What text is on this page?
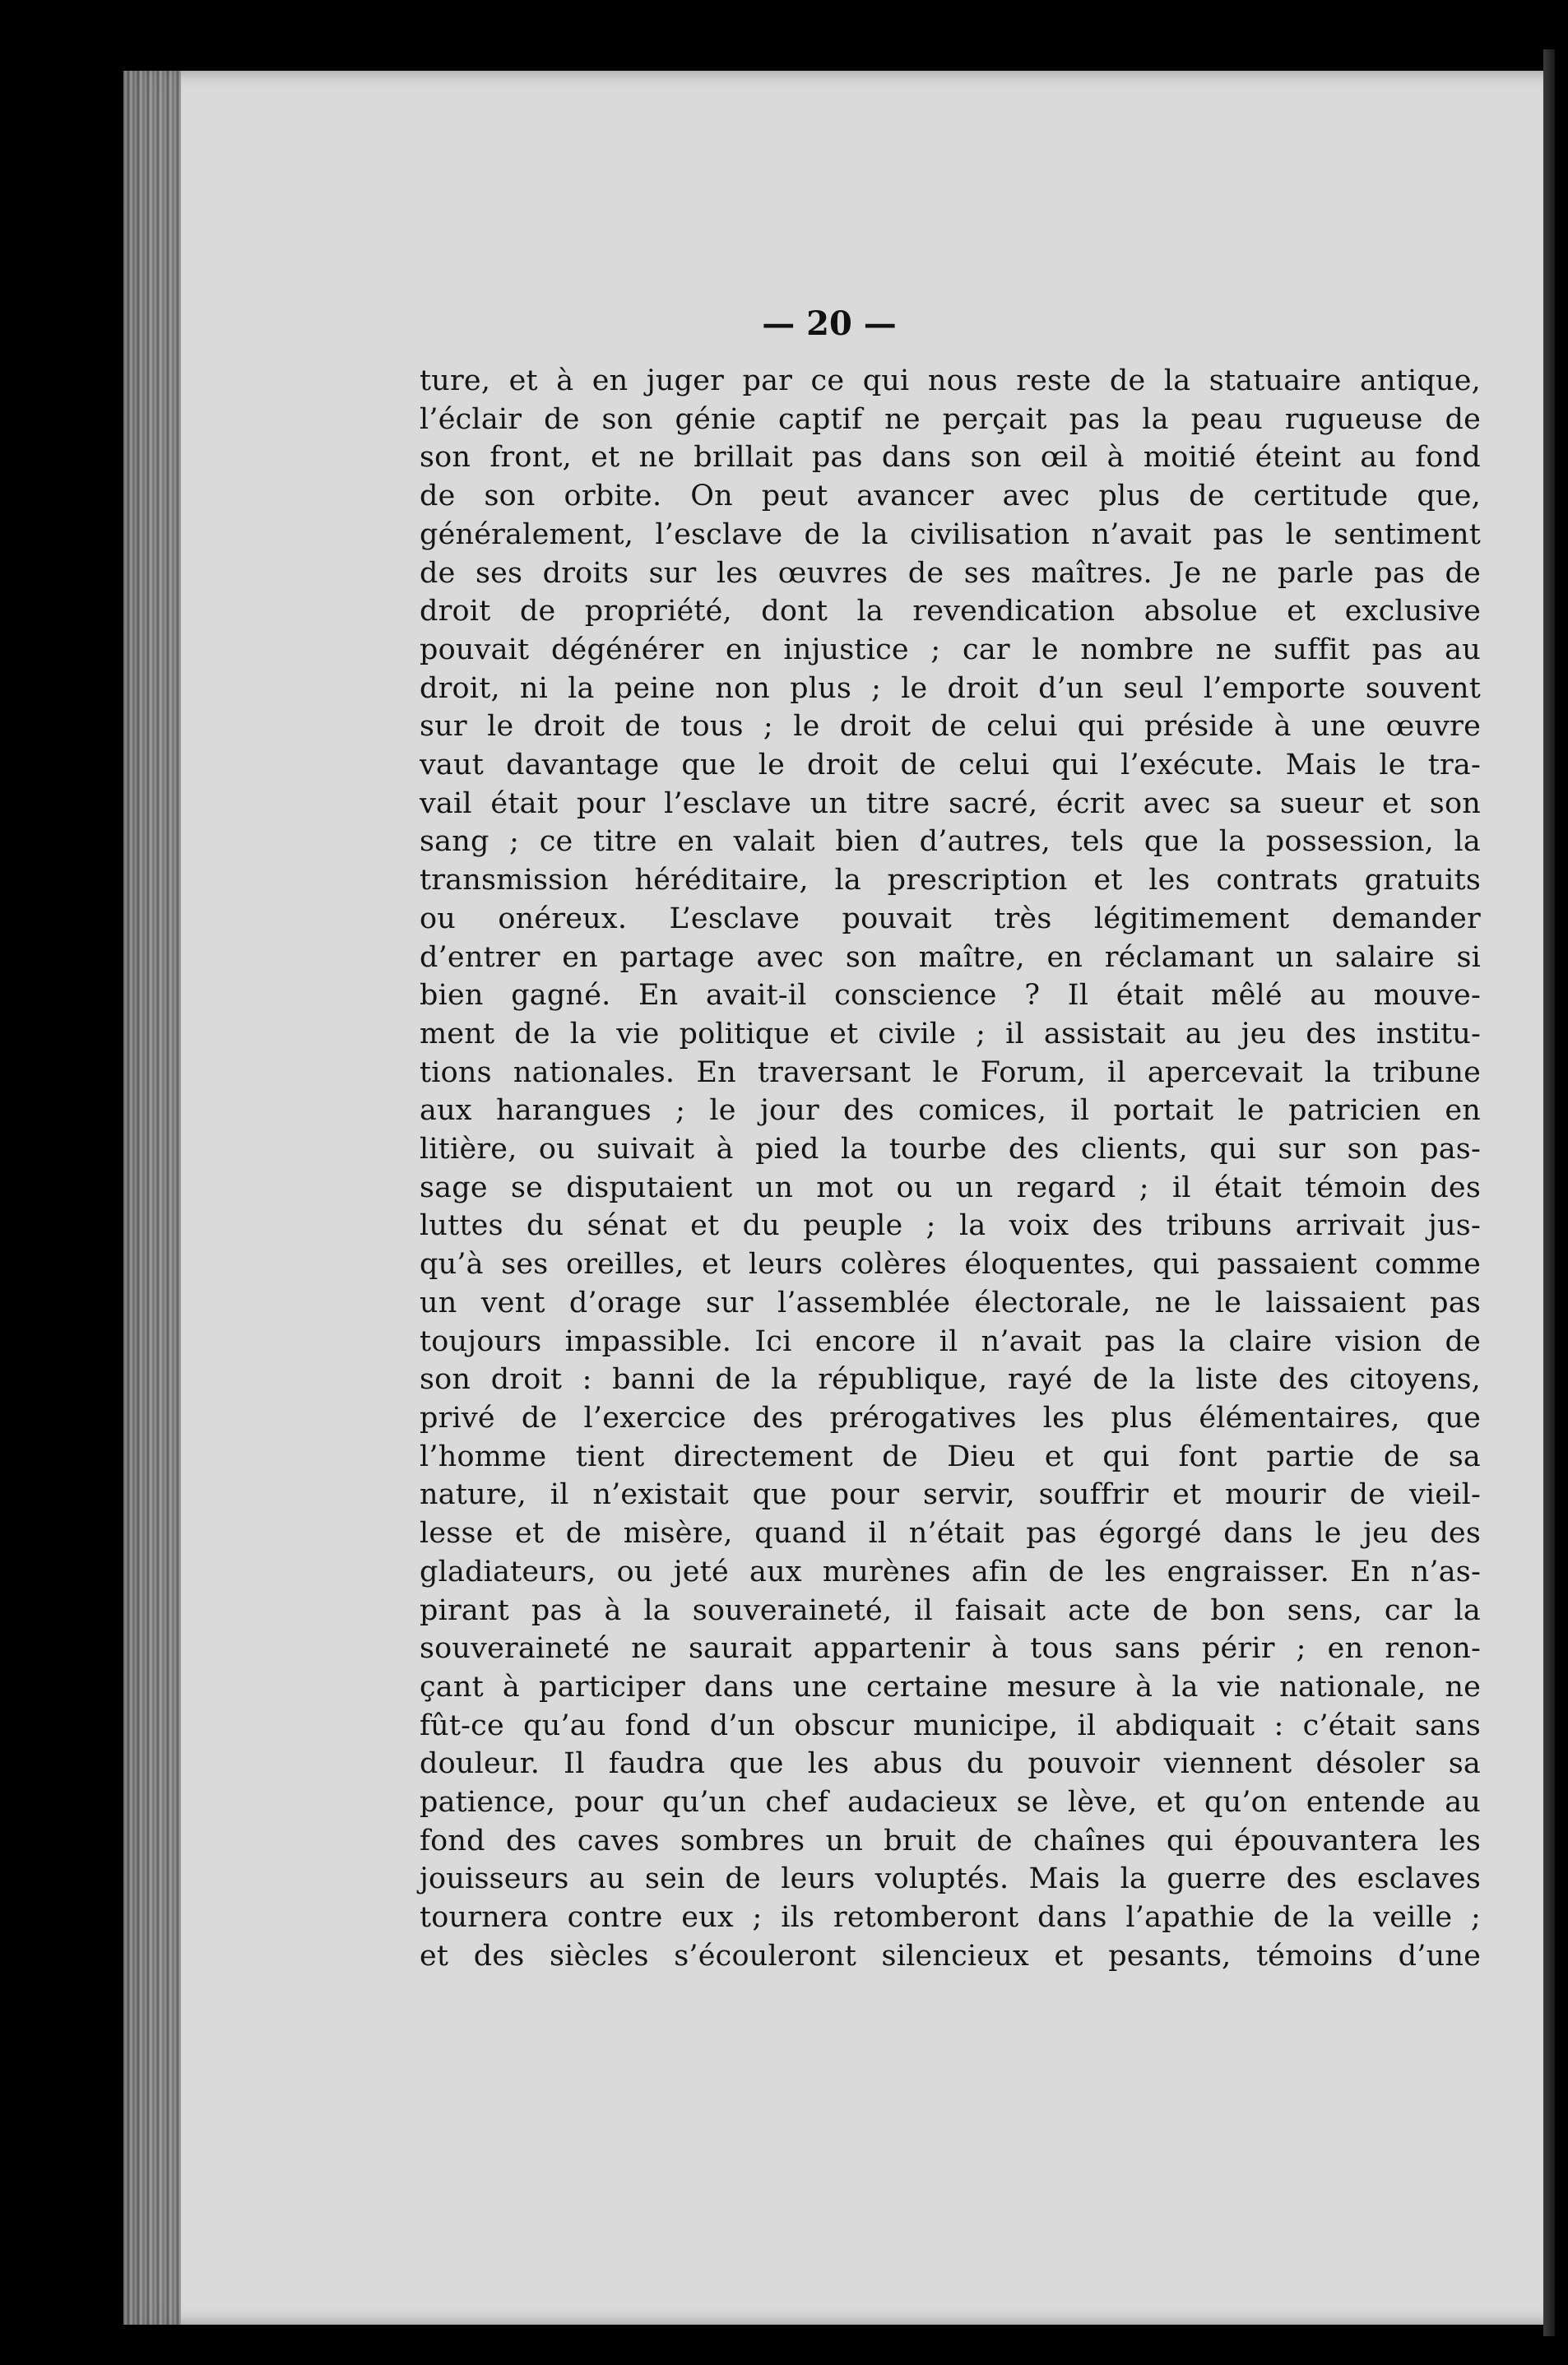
— 20 —
ture, et à en juger par ce qui nous reste de la statuaire antique,
l’éclair de son génie captif ne perçait pas la peau rugueuse de
son front, et ne brillait pas dans son œil à moitié éteint au fond
de son orbite. On peut avancer avec plus de certitude que,
généralement, l’esclave de la civilisation n’avait pas le sentiment
de ses droits sur les œuvres de ses maîtres. Je ne parle pas de
droit de propriété, dont la revendication absolue et exclusive
pouvait dégénérer en injustice ; car le nombre ne suffit pas au
droit, ni la peine non plus ; le droit d’un seul l’emporte souvent
sur le droit de tous ; le droit de celui qui préside à une œuvre
vaut davantage que le droit de celui qui l’exécute. Mais le tra-
vail était pour l’esclave un titre sacré, écrit avec sa sueur et son
sang ; ce titre en valait bien d’autres, tels que la possession, la
transmission héréditaire, la prescription et les contrats gratuits
ou onéreux. L’esclave pouvait très légitimement demander
d’entrer en partage avec son maître, en réclamant un salaire si
bien gagné. En avait-il conscience ? Il était mêlé au mouve-
ment de la vie politique et civile ; il assistait au jeu des institu-
tions nationales. En traversant le Forum, il apercevait la tribune
aux harangues ; le jour des comices, il portait le patricien en
litière, ou suivait à pied la tourbe des clients, qui sur son pas-
sage se disputaient un mot ou un regard ; il était témoin des
luttes du sénat et du peuple ; la voix des tribuns arrivait jus-
qu’à ses oreilles, et leurs colères éloquentes, qui passaient comme
un vent d’orage sur l’assemblée électorale, ne le laissaient pas
toujours impassible. Ici encore il n’avait pas la claire vision de
son droit : banni de la république, rayé de la liste des citoyens,
privé de l’exercice des prérogatives les plus élémentaires, que
l’homme tient directement de Dieu et qui font partie de sa
nature, il n’existait que pour servir, souffrir et mourir de vieil-
lesse et de misère, quand il n’était pas égorgé dans le jeu des
gladiateurs, ou jeté aux murènes afin de les engraisser. En n’as-
pirant pas à la souveraineté, il faisait acte de bon sens, car la
souveraineté ne saurait appartenir à tous sans périr ; en renon-
çant à participer dans une certaine mesure à la vie nationale, ne
fût-ce qu’au fond d’un obscur municipe, il abdiquait : c’était sans
douleur. Il faudra que les abus du pouvoir viennent désoler sa
patience, pour qu’un chef audacieux se lève, et qu’on entende au
fond des caves sombres un bruit de chaînes qui épouvantera les
jouisseurs au sein de leurs voluptés. Mais la guerre des esclaves
tournera contre eux ; ils retomberont dans l’apathie de la veille ;
et des siècles s’écouleront silencieux et pesants, témoins d’une
